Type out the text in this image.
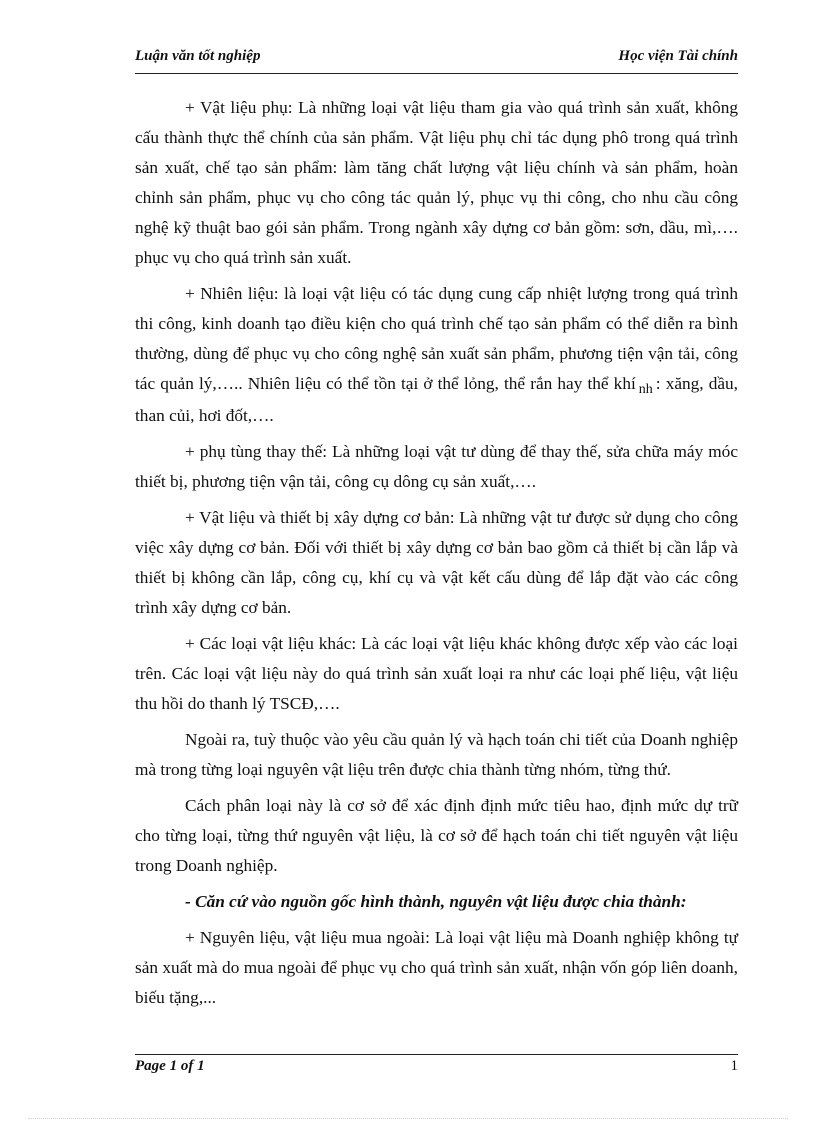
Luận văn tốt nghiệp	Học viện Tài chính

+ Vật liệu phụ: Là những loại vật liệu tham gia vào quá trình sản xuất, không cấu thành thực thể chính của sản phẩm. Vật liệu phụ chỉ tác dụng phô trong quá trình sản xuất, chế tạo sản phẩm: làm tăng chất lượng vật liệu chính và sản phẩm, hoàn chỉnh sản phẩm, phục vụ cho công tác quản lý, phục vụ thi công, cho nhu cầu công nghệ kỹ thuật bao gói sản phẩm. Trong ngành xây dựng cơ bản gồm: sơn, dầu, mì,…. phục vụ cho quá trình sản xuất.

+ Nhiên liệu: là loại vật liệu có tác dụng cung cấp nhiệt lượng trong quá trình thi công, kinh doanh tạo điều kiện cho quá trình chế tạo sản phẩm có thể diễn ra bình thường, dùng để phục vụ cho công nghệ sản xuất sản phẩm, phương tiện vận tải, công tác quản lý,….. Nhiên liệu có thể tồn tại ở thể lỏng, thể rắn hay thể khí $_{nh}$ : xăng, dầu, than củi, hơi đốt,….

+ phụ tùng thay thế: Là những loại vật tư dùng để thay thế, sửa chữa máy móc thiết bị, phương tiện vận tải, công cụ dông cụ sản xuất,….

+ Vật liệu và thiết bị xây dựng cơ bản: Là những vật tư được sử dụng cho công việc xây dựng cơ bản. Đối với thiết bị xây dựng cơ bản bao gồm cả thiết bị cần lắp và thiết bị không cần lắp, công cụ, khí cụ và vật kết cấu dùng để lắp đặt vào các công trình xây dựng cơ bản.

+ Các loại vật liệu khác: Là các loại vật liệu khác không được xếp vào các loại trên. Các loại vật liệu này do quá trình sản xuất loại ra như các loại phế liệu, vật liệu thu hồi do thanh lý TSCĐ,….

Ngoài ra, tuỳ thuộc vào yêu cầu quản lý và hạch toán chi tiết của Doanh nghiệp mà trong từng loại nguyên vật liệu trên được chia thành từng nhóm, từng thứ.

Cách phân loại này là cơ sở để xác định định mức tiêu hao, định mức dự trữ cho từng loại, từng thứ nguyên vật liệu, là cơ sở để hạch toán chi tiết nguyên vật liệu trong Doanh nghiệp.

- Căn cứ vào nguồn gốc hình thành, nguyên vật liệu được chia thành:

+ Nguyên liệu, vật liệu mua ngoài: Là loại vật liệu mà Doanh nghiệp không tự sản xuất mà do mua ngoài để phục vụ cho quá trình sản xuất, nhận vốn góp liên doanh, biếu tặng,...

Page 1 of 1	1
